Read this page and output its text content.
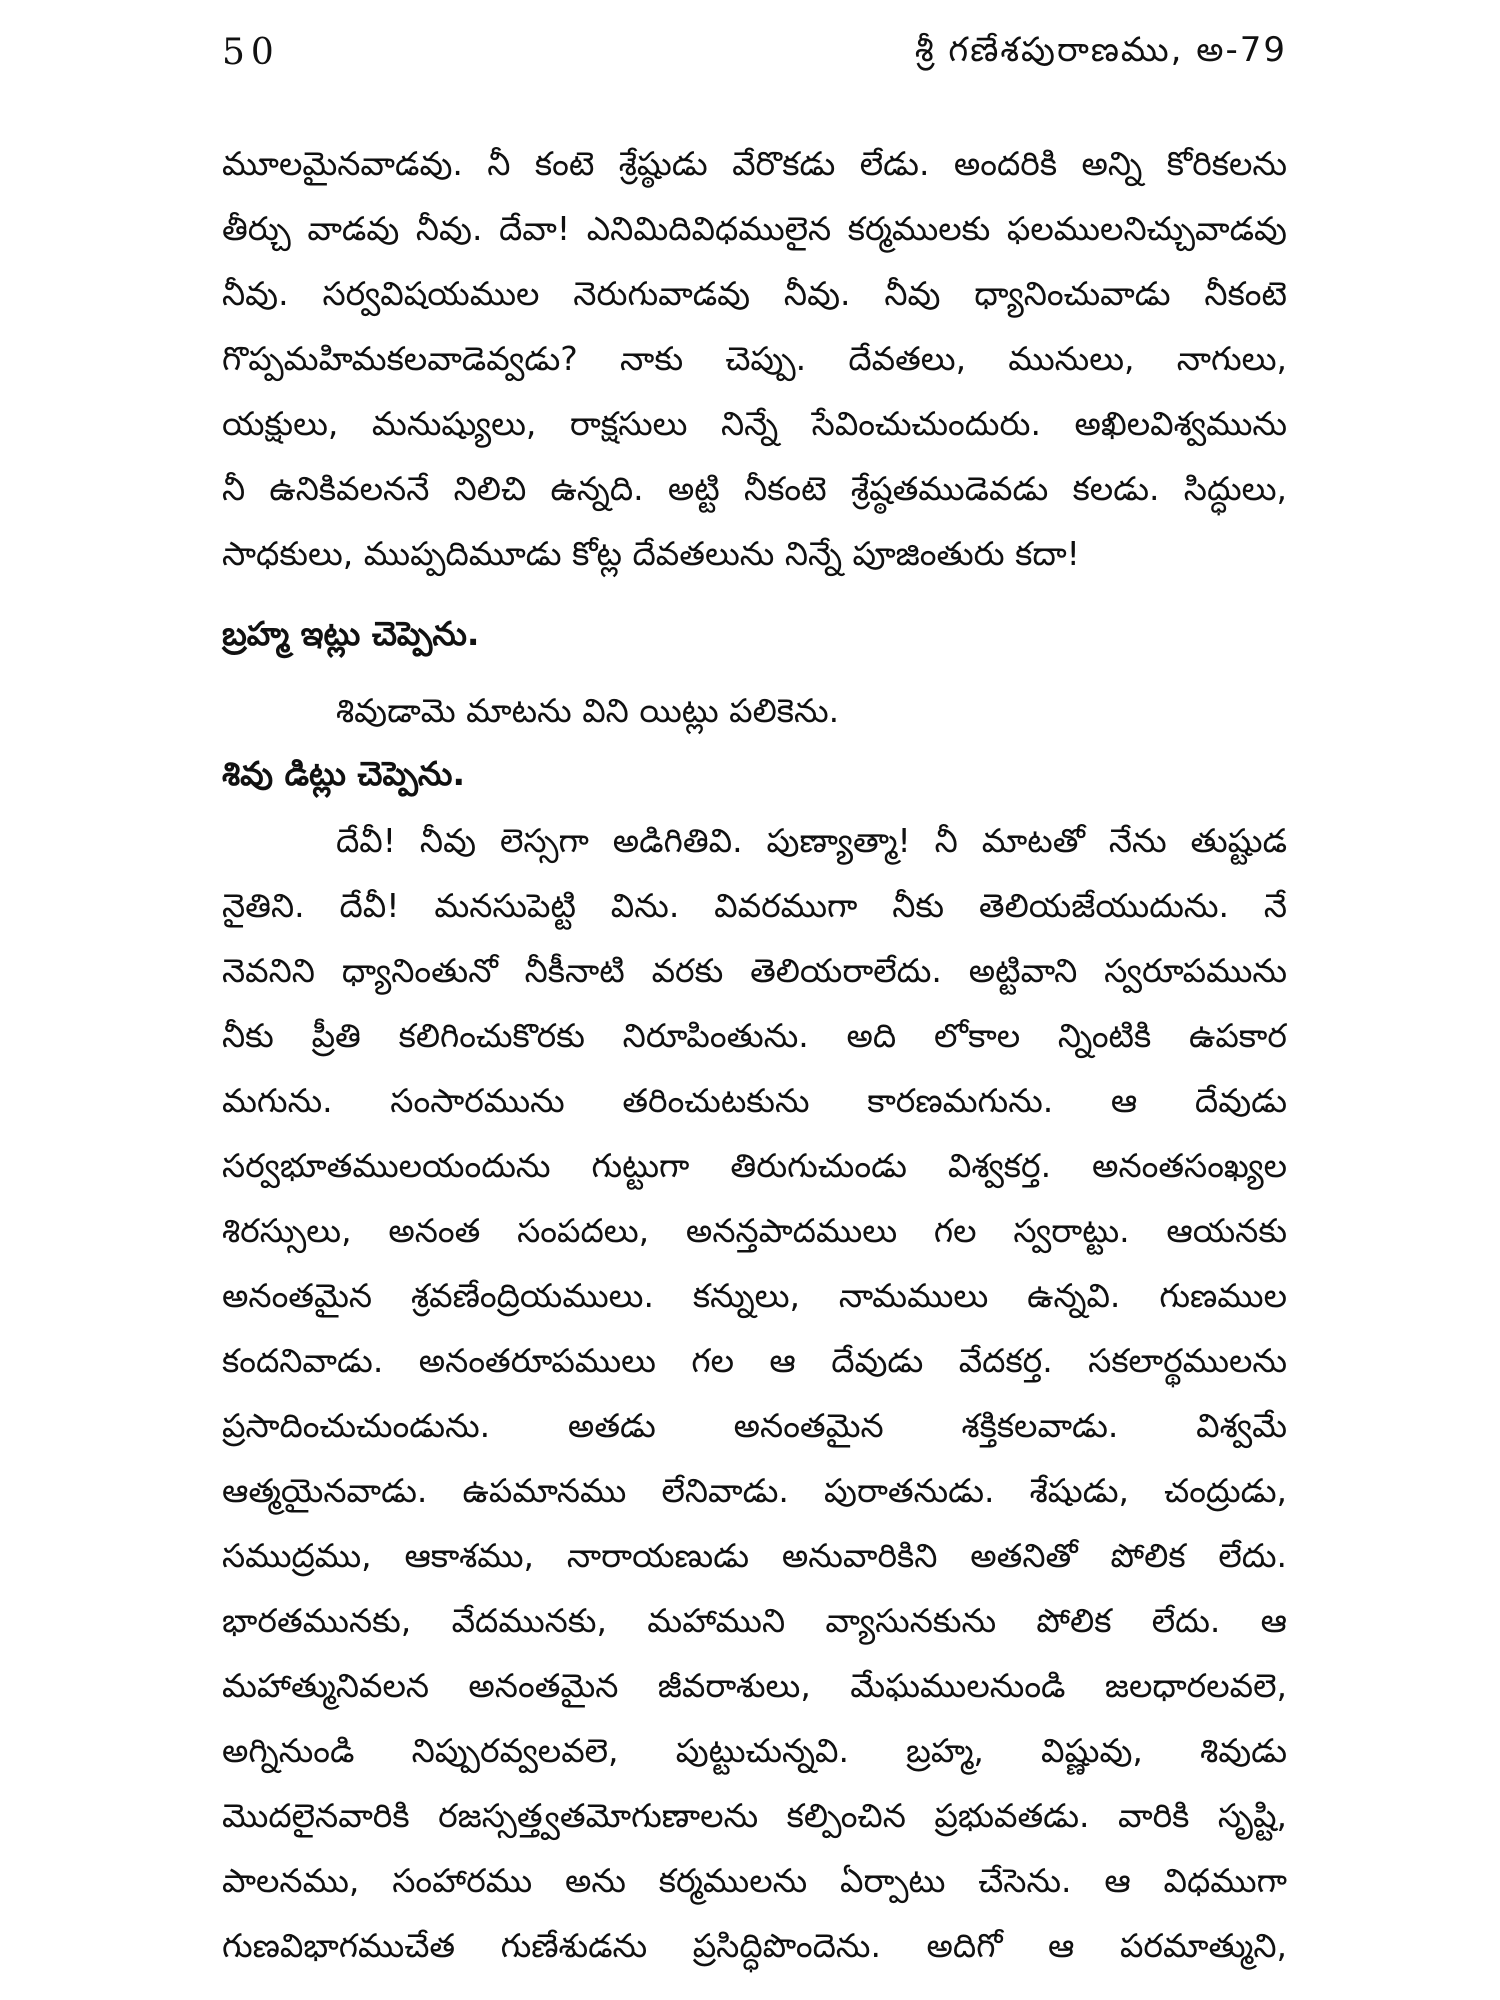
50	శ్రీ గణేశపురాణము, అ-79
మూలమైనవాడవు. నీ కంటె శ్రేష్ఠుడు వేరొకడు లేడు. అందరికి అన్ని కోరికలను
తీర్చు వాడవు నీవు. దేవా! ఎనిమిదివిధములైన కర్మములకు ఫలములనిచ్చువాడవు
నీవు. సర్వవిషయముల నెరుగువాడవు నీవు. నీవు ధ్యానించువాడు నీకంటె
గొప్పమహిమకలవాడెవ్వడు? నాకు చెప్పు. దేవతలు, మునులు, నాగులు,
యక్షులు, మనుష్యులు, రాక్షసులు నిన్నే సేవించుచుందురు. అఖిలవిశ్వమును
నీ ఉనికివలననే నిలిచి ఉన్నది. అట్టి నీకంటె శ్రేష్ఠతముడెవడు కలడు. సిద్ధులు,
సాధకులు, ముప్పదిమూడు కోట్ల దేవతలును నిన్నే పూజింతురు కదా!
బ్రహ్మ ఇట్లు చెప్పెను.
శివుడామె మాటను విని యిట్లు పలికెను.
శివు డిట్లు చెప్పెను.
దేవీ! నీవు లెస్సగా అడిగితివి. పుణ్యాత్మా! నీ మాటతో నేను తుష్టుడ
నైతిని. దేవీ! మనసుపెట్టి విను. వివరముగా నీకు తెలియజేయుదును. నే
నెవనిని ధ్యానింతునో నీకీనాటి వరకు తెలియరాలేదు. అట్టివాని స్వరూపమును
నీకు ప్రీతి కలిగించుకొరకు నిరూపింతును. అది లోకాల న్నింటికి ఉపకార
మగును. సంసారమును తరించుటకును కారణమగును. ఆ దేవుడు
సర్వభూతములయందును గుట్టుగా తిరుగుచుండు విశ్వకర్త. అనంతసంఖ్యల
శిరస్సులు, అనంత సంపదలు, అనన్తపాదములు గల స్వరాట్టు. ఆయనకు
అనంతమైన శ్రవణేంద్రియములు. కన్నులు, నామములు ఉన్నవి. గుణముల
కందనివాడు. అనంతరూపములు గల ఆ దేవుడు వేదకర్త. సకలార్థములను
ప్రసాదించుచుండును. అతడు అనంతమైన శక్తికలవాడు. విశ్వమే
ఆత్మయైనవాడు. ఉపమానము లేనివాడు. పురాతనుడు. శేషుడు, చంద్రుడు,
సముద్రము, ఆకాశము, నారాయణుడు అనువారికిని అతనితో పోలిక లేదు.
భారతమునకు, వేదమునకు, మహాముని వ్యాసునకును పోలిక లేదు. ఆ
మహాత్మునివలన అనంతమైన జీవరాశులు, మేఘములనుండి జలధారలవలె,
అగ్నినుండి నిప్పురవ్వలవలె, పుట్టుచున్నవి. బ్రహ్మ, విష్ణువు, శివుడు
మొదలైనవారికి రజస్సత్త్వతమోగుణాలను కల్పించిన ప్రభువతడు. వారికి సృష్టి,
పాలనము, సంహారము అను కర్మములను ఏర్పాటు చేసెను. ఆ విధముగా
గుణవిభాగముచేత గుణేశుడను ప్రసిద్ధిపొందెను. అదిగో ఆ పరమాత్ముని,
